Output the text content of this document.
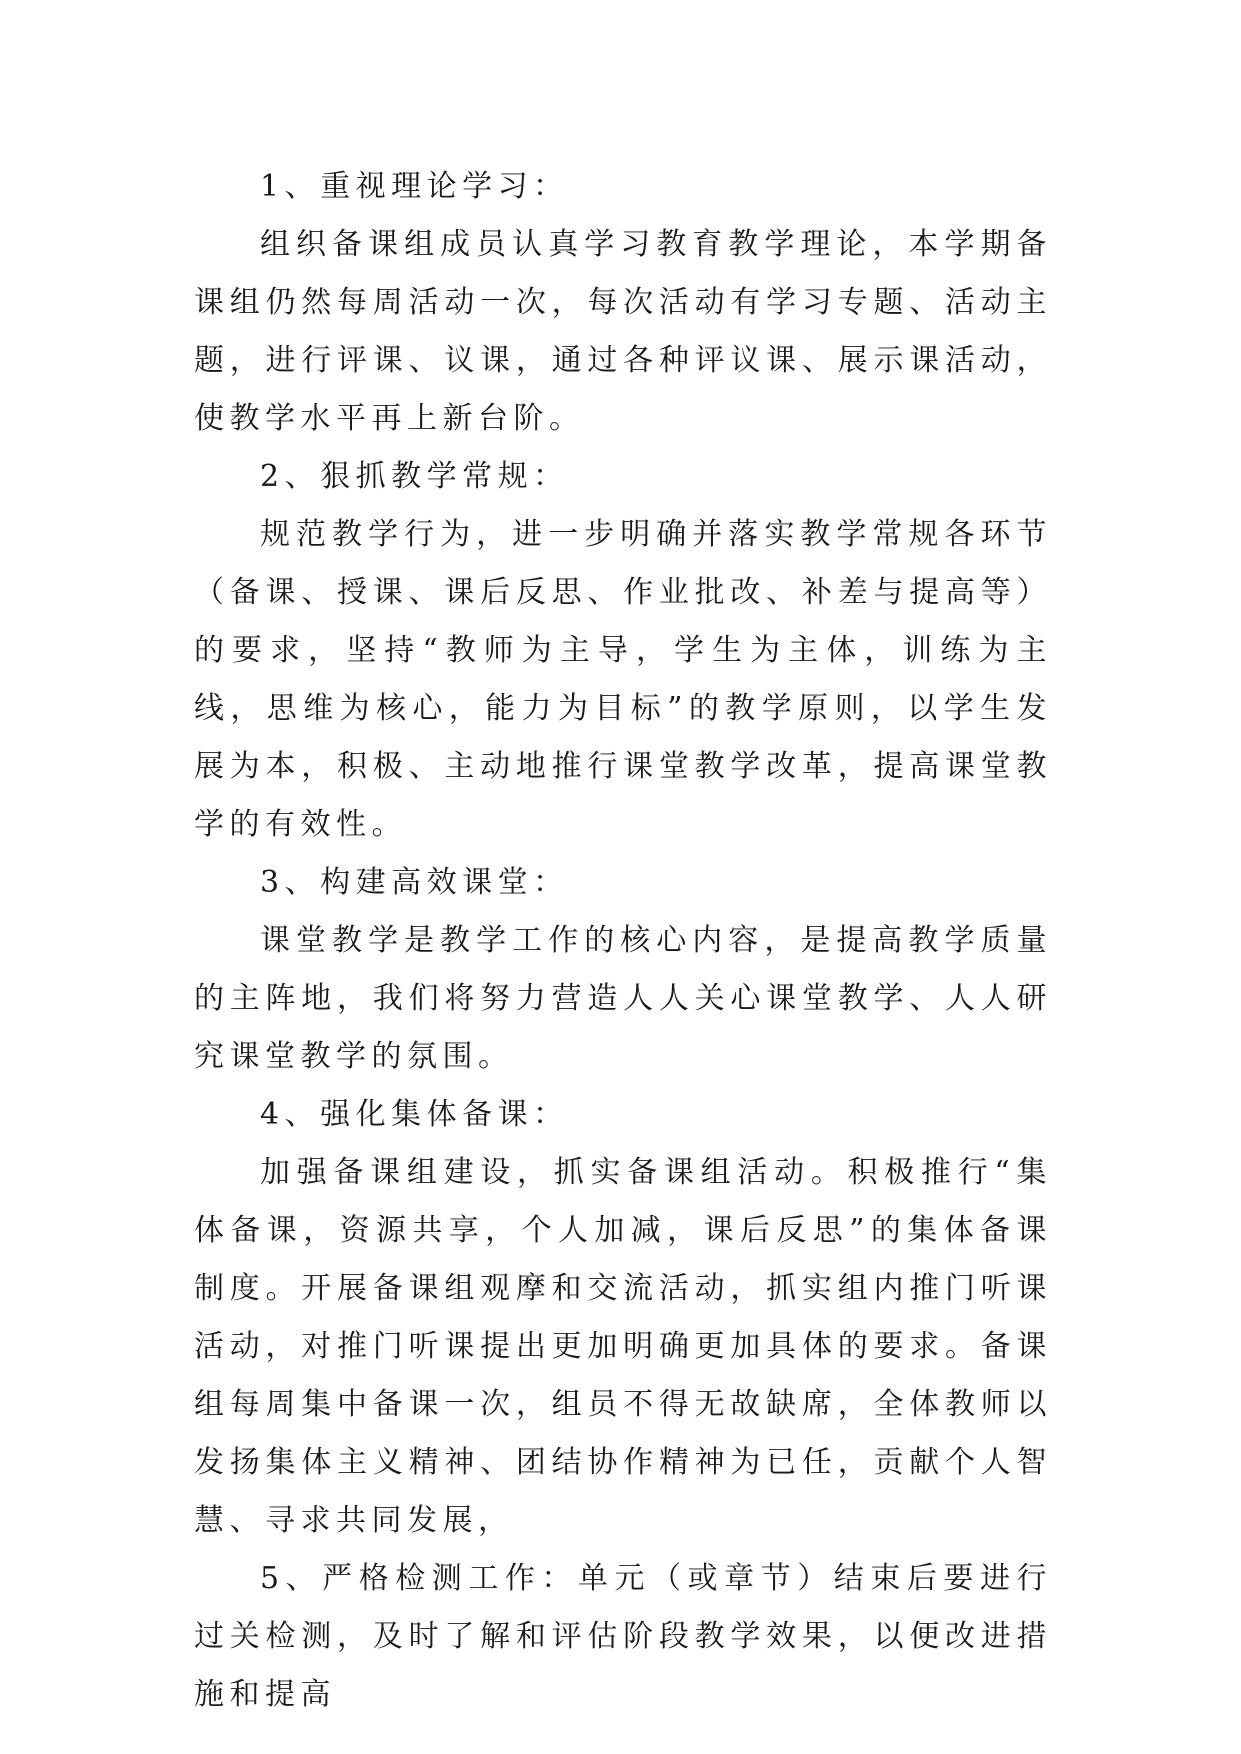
1、重视理论学习：

组织备课组成员认真学习教育教学理论，本学期备课组仍然每周活动一次，每次活动有学习专题、活动主题，进行评课、议课，通过各种评议课、展示课活动，使教学水平再上新台阶。

2、狠抓教学常规：

规范教学行为，进一步明确并落实教学常规各环节（备课、授课、课后反思、作业批改、补差与提高等）的要求，坚持“教师为主导，学生为主体，训练为主线，思维为核心，能力为目标”的教学原则，以学生发展为本，积极、主动地推行课堂教学改革，提高课堂教学的有效性。

3、构建高效课堂：

课堂教学是教学工作的核心内容，是提高教学质量的主阵地，我们将努力营造人人关心课堂教学、人人研究课堂教学的氛围。

4、强化集体备课：

加强备课组建设，抓实备课组活动。积极推行“集体备课，资源共享，个人加减，课后反思”的集体备课制度。开展备课组观摩和交流活动，抓实组内推门听课活动，对推门听课提出更加明确更加具体的要求。备课组每周集中备课一次，组员不得无故缺席，全体教师以发扬集体主义精神、团结协作精神为已任，贡献个人智慧、寻求共同发展，

5、严格检测工作：单元（或章节）结束后要进行过关检测，及时了解和评估阶段教学效果，以便改进措施和提高
